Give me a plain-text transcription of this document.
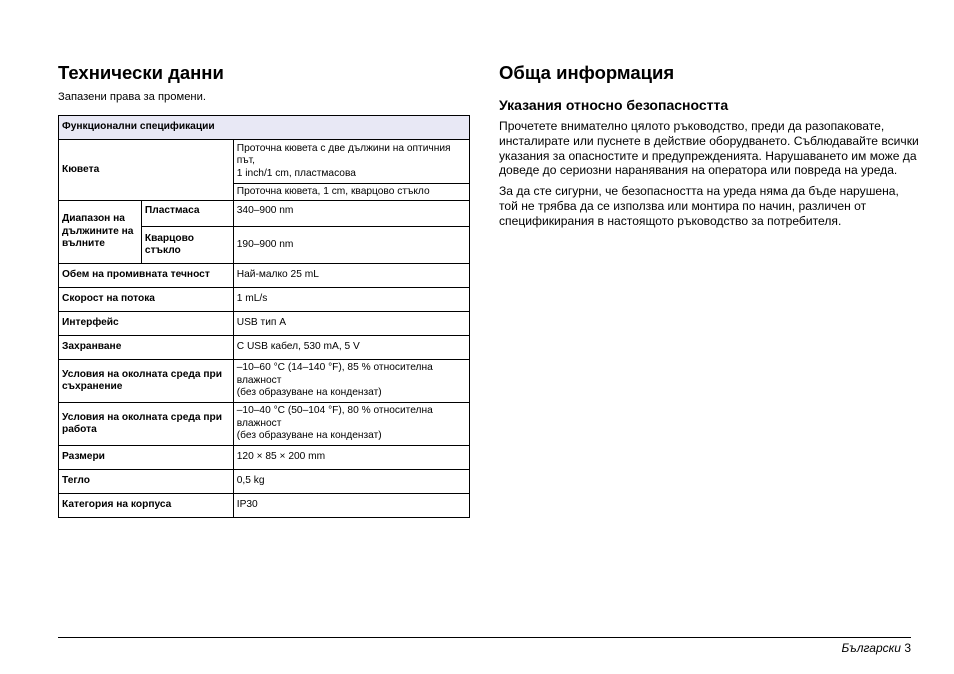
Технически данни

Запазени права за промени.

Функционални спецификации		
Кювета		Проточна кювета с две дължини на оптичния път,
1 inch/1 cm, пластмасова
		Проточна кювета, 1 cm, кварцово стъкло
Диапазон на дължините на вълните	Пластмаса	340–900 nm
	Кварцово стъкло	190–900 nm
Обем на промивната течност		Най-малко 25 mL
Скорост на потока		1 mL/s
Интерфейс		USB тип A
Захранване		С USB кабел, 530 mA, 5 V
Условия на околната среда при съхранение		–10–60 °C (14–140 °F), 85 % относителна влажност
(без образуване на кондензат)
Условия на околната среда при работа		–10–40 °C (50–104 °F), 80 % относителна влажност
(без образуване на кондензат)
Размери		120 × 85 × 200 mm
Тегло		0,5 kg
Категория на корпуса		IP30
Обща информация
Указания относно безопасността

Прочетете внимателно цялото ръководство, преди да разопаковате, инсталирате или пуснете в действие оборудването. Съблюдавайте всички указания за опасностите и предупрежденията. Нарушаването им може да доведе до сериозни наранявания на оператора или повреда на уреда.

За да сте сигурни, че безопасността на уреда няма да бъде нарушена, той не трябва да се използва или монтира по начин, различен от спецификирания в настоящото ръководство за потребителя.

Български 3
